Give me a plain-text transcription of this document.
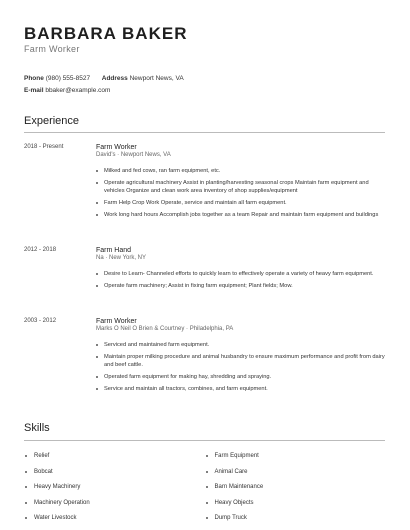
BARBARA BAKER
Farm Worker
Phone (980) 555-8527 Address Newport News, VA
E-mail bbaker@example.com
Experience
2018 - Present	Farm Worker
David's · Newport News, VA
Milked and fed cows, ran farm equipment, etc.
Operate agricultural machinery Assist in planting/harvesting seasonal crops Maintain farm equipment and vehicles Organize and clean work area inventory of shop supplies/equipment
Farm Help Crop Work Operate, service and maintain all farm equipment.
Work long hard hours Accomplish jobs together as a team Repair and maintain farm equipment and buildings
2012 - 2018	Farm Hand
Na · New York, NY
Desire to Learn- Channeled efforts to quickly learn to effectively operate a variety of heavy farm equipment.
Operate farm machinery; Assist in fixing farm equipment; Plant fields; Mow.
2003 - 2012	Farm Worker
Marks O Neil O Brien & Courtney · Philadelphia, PA
Serviced and maintained farm equipment.
Maintain proper milking procedure and animal husbandry to ensure maximum performance and profit from dairy and beef cattle.
Operated farm equipment for making hay, shredding and spraying.
Service and maintain all tractors, combines, and farm equipment.
Skills
Relief	Farm Equipment
Bobcat	Animal Care
Heavy Machinery	Barn Maintenance
Machinery Operation	Heavy Objects
Water Livestock	Dump Truck
